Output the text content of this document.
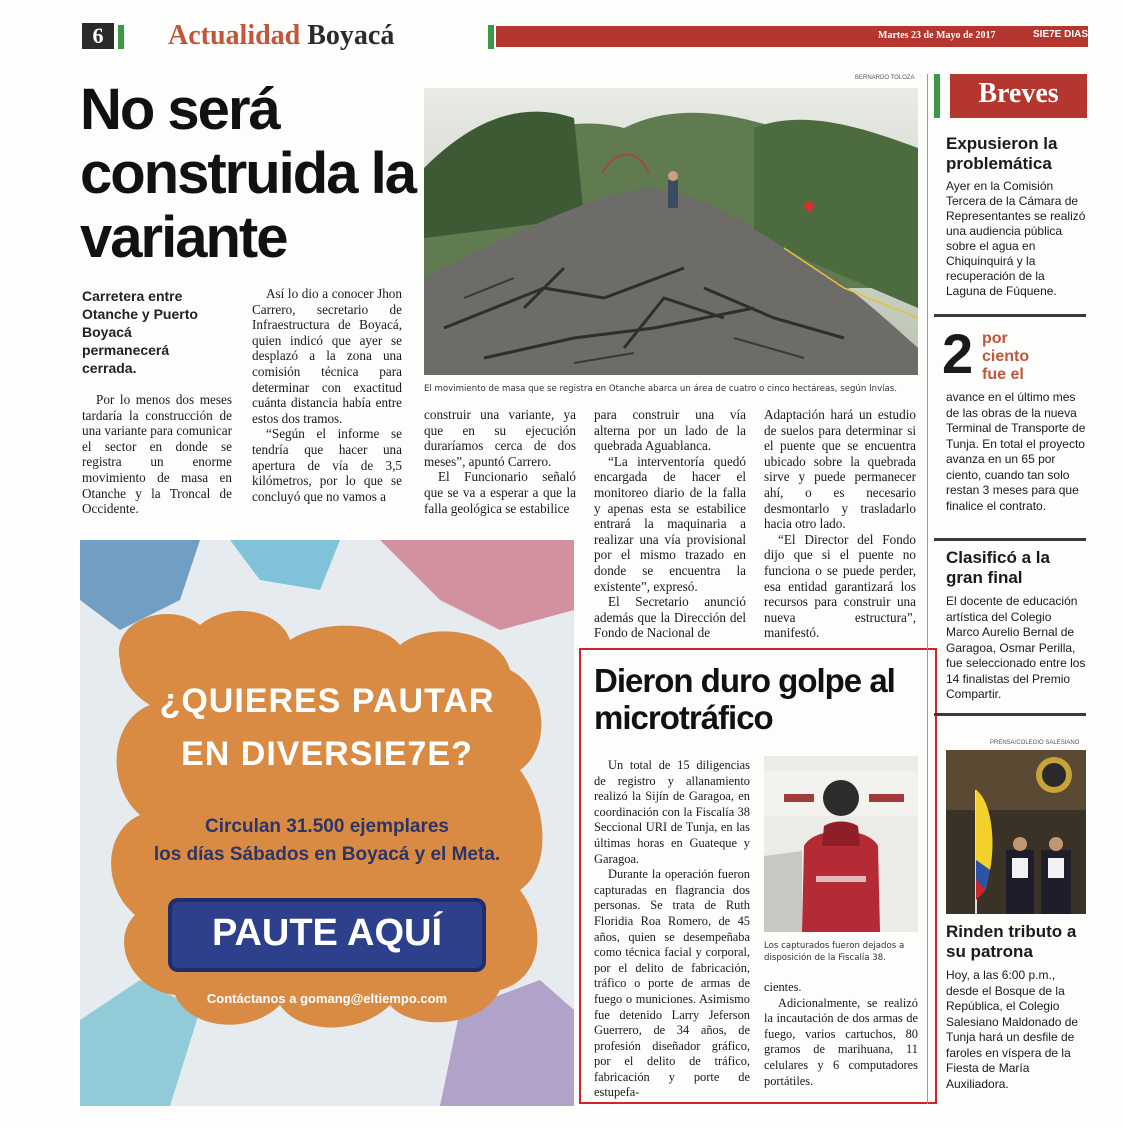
6	Actualidad Boyacá	Martes 23 de Mayo de 2017	SIE7E DIAS
No será construida la variante
Carretera entre Otanche y Puerto Boyacá permanecerá cerrada.
BERNARDO TOLOZA
El movimiento de masa que se registra en Otanche abarca un área de cuatro o cinco hectáreas, según Invías.

Por lo menos dos meses tardaría la construcción de una variante para comunicar el sector en donde se registra un enorme movimiento de masa en Otanche y la Troncal de Occidente.

Así lo dio a conocer Jhon Carrero, secretario de Infraestructura de Boyacá, quien indicó que ayer se desplazó a la zona una comisión técnica para determinar con exactitud cuánta distancia había entre estos dos tramos.

“Según el informe se tendría que hacer una apertura de vía de 3,5 kilómetros, por lo que se concluyó que no vamos a

construir una variante, ya que en su ejecución duraríamos cerca de dos meses”, apuntó Carrero.

El Funcionario señaló que se va a esperar a que la falla geológica se estabilice

para construir una vía alterna por un lado de la quebrada Aguablanca.

“La interventoría quedó encargada de hacer el monitoreo diario de la falla y apenas esta se estabilice entrará la maquinaria a realizar una vía provisional por el mismo trazado en donde se encuentra la existente”, expresó.

El Secretario anunció además que la Dirección del Fondo de Nacional de

Adaptación hará un estudio de suelos para determinar si el puente que se encuentra ubicado sobre la quebrada sirve y puede permanecer ahí, o es necesario desmontarlo y trasladarlo hacia otro lado.

“El Director del Fondo dijo que si el puente no funciona o se puede perder, esa entidad garantizará los recursos para construir una nueva estructura”, manifestó.

¿QUIERES PAUTAR
EN DIVERSIE7E?
Circulan 31.500 ejemplares
los días Sábados en Boyacá y el Meta.
PAUTE AQUÍ
Contáctanos a gomang@eltiempo.com
Dieron duro golpe al microtráfico

Un total de 15 diligencias de registro y allanamiento realizó la Sijín de Garagoa, en coordinación con la Fiscalía 38 Seccional URI de Tunja, en las últimas horas en Guateque y Garagoa.

Durante la operación fueron capturadas en flagrancia dos personas. Se trata de Ruth Floridia Roa Romero, de 45 años, quien se desempeñaba como técnica facial y corporal, por el delito de fabricación, tráfico o porte de armas de fuego o municiones. Asimismo fue detenido Larry Jeferson Guerrero, de 34 años, de profesión diseñador gráfico, por el delito de tráfico, fabricación y porte de estupefa-

Los capturados fueron dejados a disposición de la Fiscalía 38.

cientes.

Adicionalmente, se realizó la incautación de dos armas de fuego, varios cartuchos, 80 gramos de marihuana, 11 celulares y 6 computadores portátiles.

Breves
Expusieron la problemática
Ayer en la Comisión Tercera de la Cámara de Representantes se realizó una audiencia pública sobre el agua en Chiquinquirá y la recuperación de la Laguna de Fúquene.
2 por ciento fue el
avance en el último mes de las obras de la nueva Terminal de Transporte de Tunja. En total el proyecto avanza en un 65 por ciento, cuando tan solo restan 3 meses para que finalice el contrato.
Clasificó a la gran final
El docente de educación artística del Colegio Marco Aurelio Bernal de Garagoa, Osmar Perilla, fue seleccionado entre los 14 finalistas del Premio Compartir.
PRENSA/COLEGIO SALESIANO
Rinden tributo a su patrona
Hoy, a las 6:00 p.m., desde el Bosque de la República, el Colegio Salesiano Maldonado de Tunja hará un desfile de faroles en víspera de la Fiesta de María Auxiliadora.
